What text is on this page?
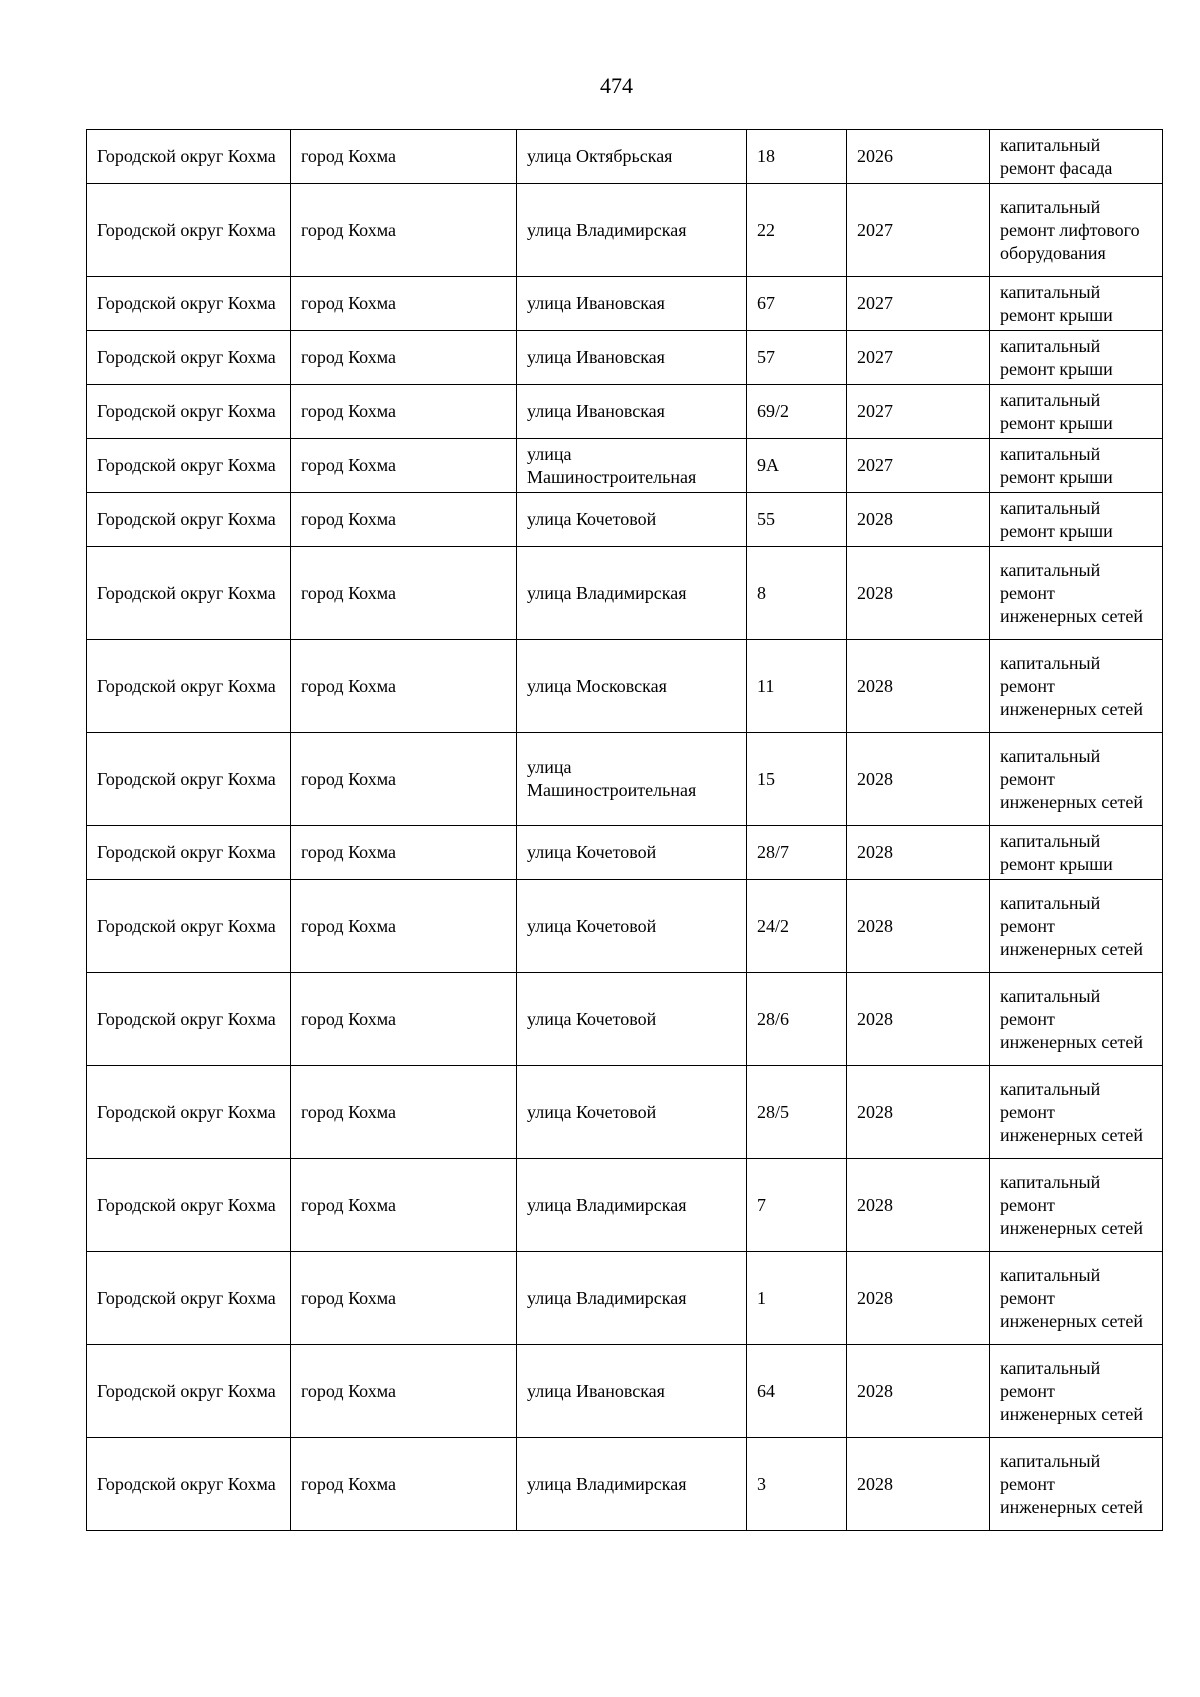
474
Городской округ Кохма	город Кохма	улица Октябрьская	18	2026	капитальный ремонт фасада
Городской округ Кохма	город Кохма	улица Владимирская	22	2027	капитальный ремонт лифтового оборудования
Городской округ Кохма	город Кохма	улица Ивановская	67	2027	капитальный ремонт крыши
Городской округ Кохма	город Кохма	улица Ивановская	57	2027	капитальный ремонт крыши
Городской округ Кохма	город Кохма	улица Ивановская	69/2	2027	капитальный ремонт крыши
Городской округ Кохма	город Кохма	улица Машиностроительная	9А	2027	капитальный ремонт крыши
Городской округ Кохма	город Кохма	улица Кочетовой	55	2028	капитальный ремонт крыши
Городской округ Кохма	город Кохма	улица Владимирская	8	2028	капитальный ремонт инженерных сетей
Городской округ Кохма	город Кохма	улица Московская	11	2028	капитальный ремонт инженерных сетей
Городской округ Кохма	город Кохма	улица Машиностроительная	15	2028	капитальный ремонт инженерных сетей
Городской округ Кохма	город Кохма	улица Кочетовой	28/7	2028	капитальный ремонт крыши
Городской округ Кохма	город Кохма	улица Кочетовой	24/2	2028	капитальный ремонт инженерных сетей
Городской округ Кохма	город Кохма	улица Кочетовой	28/6	2028	капитальный ремонт инженерных сетей
Городской округ Кохма	город Кохма	улица Кочетовой	28/5	2028	капитальный ремонт инженерных сетей
Городской округ Кохма	город Кохма	улица Владимирская	7	2028	капитальный ремонт инженерных сетей
Городской округ Кохма	город Кохма	улица Владимирская	1	2028	капитальный ремонт инженерных сетей
Городской округ Кохма	город Кохма	улица Ивановская	64	2028	капитальный ремонт инженерных сетей
Городской округ Кохма	город Кохма	улица Владимирская	3	2028	капитальный ремонт инженерных сетей
